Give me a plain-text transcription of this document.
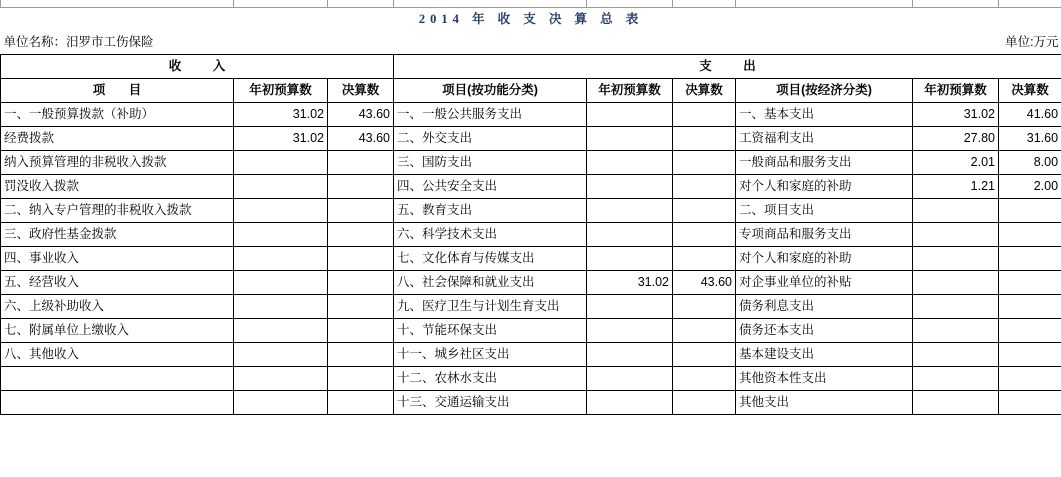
2014 年 收 支 决 算 总 表								
单位名称：汨罗市工伤保险							单位:万元	
收 入			支 出					
项 目	年初预算数	决算数	项目(按功能分类)	年初预算数	决算数	项目(按经济分类)	年初预算数	决算数
一、一般预算拨款（补助）	31.02	43.60	一、一般公共服务支出			一、基本支出	31.02	41.60
经费拨款	31.02	43.60	二、外交支出			工资福利支出	27.80	31.60
纳入预算管理的非税收入拨款			三、国防支出			一般商品和服务支出	2.01	8.00
罚没收入拨款			四、公共安全支出			对个人和家庭的补助	1.21	2.00
二、纳入专户管理的非税收入拨款			五、教育支出			二、项目支出		
三、政府性基金拨款			六、科学技术支出			专项商品和服务支出		
四、事业收入			七、文化体育与传媒支出			对个人和家庭的补助		
五、经营收入			八、社会保障和就业支出	31.02	43.60	对企事业单位的补贴		
六、上级补助收入			九、医疗卫生与计划生育支出			债务利息支出		
七、附属单位上缴收入			十、节能环保支出			债务还本支出		
八、其他收入			十一、城乡社区支出			基本建设支出		
			十二、农林水支出			其他资本性支出		
			十三、交通运输支出			其他支出		
